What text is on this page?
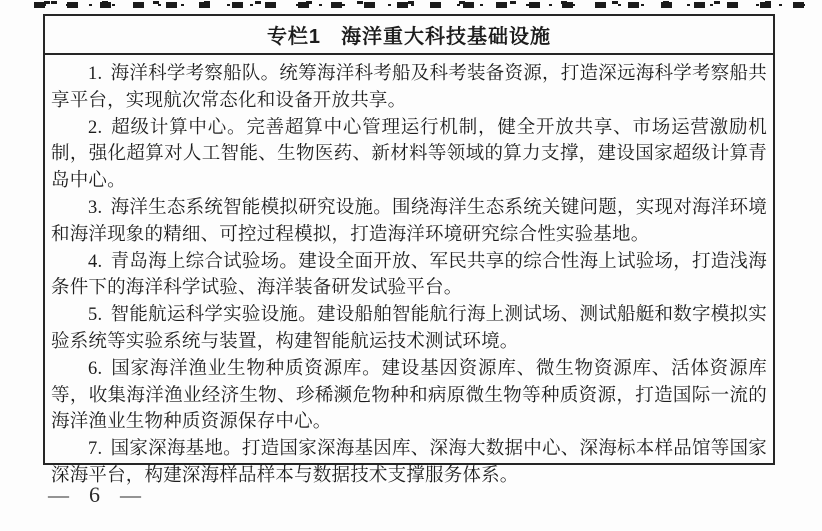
专栏1 海洋重大科技基础设施

1. 海洋科学考察船队。统筹海洋科考船及科考装备资源，打造深远海科学考察船共享平台，实现航次常态化和设备开放共享。

2. 超级计算中心。完善超算中心管理运行机制，健全开放共享、市场运营激励机制，强化超算对人工智能、生物医药、新材料等领域的算力支撑，建设国家超级计算青岛中心。

3. 海洋生态系统智能模拟研究设施。围绕海洋生态系统关键问题，实现对海洋环境和海洋现象的精细、可控过程模拟，打造海洋环境研究综合性实验基地。

4. 青岛海上综合试验场。建设全面开放、军民共享的综合性海上试验场，打造浅海条件下的海洋科学试验、海洋装备研发试验平台。

5. 智能航运科学实验设施。建设船舶智能航行海上测试场、测试船艇和数字模拟实验系统等实验系统与装置，构建智能航运技术测试环境。

6. 国家海洋渔业生物种质资源库。建设基因资源库、微生物资源库、活体资源库等，收集海洋渔业经济生物、珍稀濒危物种和病原微生物等种质资源，打造国际一流的海洋渔业生物种质资源保存中心。

7. 国家深海基地。打造国家深海基因库、深海大数据中心、深海标本样品馆等国家深海平台，构建深海样品样本与数据技术支撑服务体系。

— 6 —
